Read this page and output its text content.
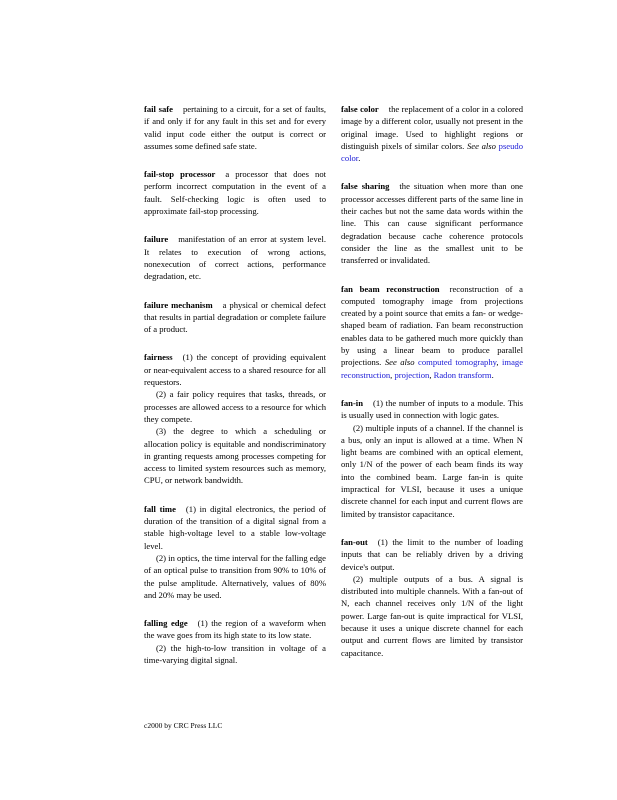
fail safe pertaining to a circuit, for a set of faults, if and only if for any fault in this set and for every valid input code either the output is correct or assumes some defined safe state.

fail-stop processor a processor that does not perform incorrect computation in the event of a fault. Self-checking logic is often used to approximate fail-stop processing.

failure manifestation of an error at system level. It relates to execution of wrong actions, nonexecution of correct actions, performance degradation, etc.

failure mechanism a physical or chemical defect that results in partial degradation or complete failure of a product.

fairness (1) the concept of providing equivalent or near-equivalent access to a shared resource for all requestors.

(2) a fair policy requires that tasks, threads, or processes are allowed access to a resource for which they compete.

(3) the degree to which a scheduling or allocation policy is equitable and nondiscriminatory in granting requests among processes competing for access to limited system resources such as memory, CPU, or network bandwidth.

fall time (1) in digital electronics, the period of duration of the transition of a digital signal from a stable high-voltage level to a stable low-voltage level.

(2) in optics, the time interval for the falling edge of an optical pulse to transition from 90% to 10% of the pulse amplitude. Alternatively, values of 80% and 20% may be used.

falling edge (1) the region of a waveform when the wave goes from its high state to its low state.

(2) the high-to-low transition in voltage of a time-varying digital signal.

false color the replacement of a color in a colored image by a different color, usually not present in the original image. Used to highlight regions or distinguish pixels of similar colors. See also pseudo color.

false sharing the situation when more than one processor accesses different parts of the same line in their caches but not the same data words within the line. This can cause significant performance degradation because cache coherence protocols consider the line as the smallest unit to be transferred or invalidated.

fan beam reconstruction reconstruction of a computed tomography image from projections created by a point source that emits a fan- or wedge-shaped beam of radiation. Fan beam reconstruction enables data to be gathered much more quickly than by using a linear beam to produce parallel projections. See also computed tomography, image reconstruction, projection, Radon transform.

fan-in (1) the number of inputs to a module. This is usually used in connection with logic gates.

(2) multiple inputs of a channel. If the channel is a bus, only an input is allowed at a time. When N light beams are combined with an optical element, only 1/N of the power of each beam finds its way into the combined beam. Large fan-in is quite impractical for VLSI, because it uses a unique discrete channel for each input and current flows are limited by transistor capacitance.

fan-out (1) the limit to the number of loading inputs that can be reliably driven by a driving device's output.

(2) multiple outputs of a bus. A signal is distributed into multiple channels. With a fan-out of N, each channel receives only 1/N of the light power. Large fan-out is quite impractical for VLSI, because it uses a unique discrete channel for each output and current flows are limited by transistor capacitance.

c2000 by CRC Press LLC
